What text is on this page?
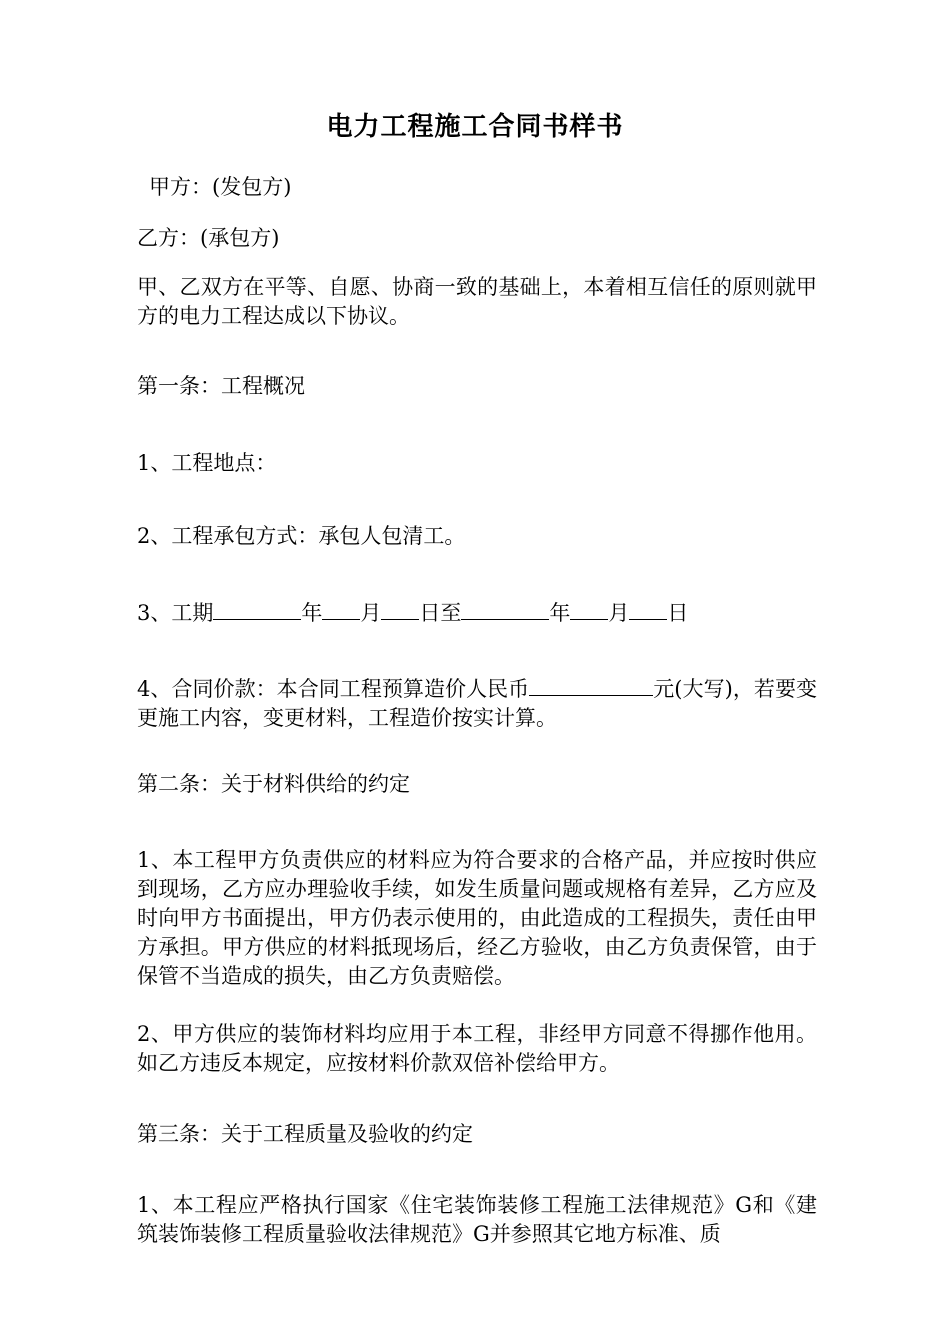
电力工程施工合同书样书
甲方：(发包方)
乙方：(承包方)
甲、乙双方在平等、自愿、协商一致的基础上，本着相互信任的原则就甲方的电力工程达成以下协议。
第一条：工程概况
1、工程地点：
2、工程承包方式：承包人包清工。
3、工期	年 月 日至	年 月 日
4、合同价款：本合同工程预算造价人民币	元(大写)，若要变更施工内容，变更材料，工程造价按实计算。
第二条：关于材料供给的约定
1、本工程甲方负责供应的材料应为符合要求的合格产品，并应按时供应到现场，乙方应办理验收手续，如发生质量问题或规格有差异，乙方应及时向甲方书面提出，甲方仍表示使用的，由此造成的工程损失，责任由甲方承担。甲方供应的材料抵现场后，经乙方验收，由乙方负责保管，由于保管不当造成的损失，由乙方负责赔偿。
2、甲方供应的装饰材料均应用于本工程，非经甲方同意不得挪作他用。如乙方违反本规定，应按材料价款双倍补偿给甲方。
第三条：关于工程质量及验收的约定
1、本工程应严格执行国家《住宅装饰装修工程施工法律规范》G和《建筑装饰装修工程质量验收法律规范》G并参照其它地方标准、质
